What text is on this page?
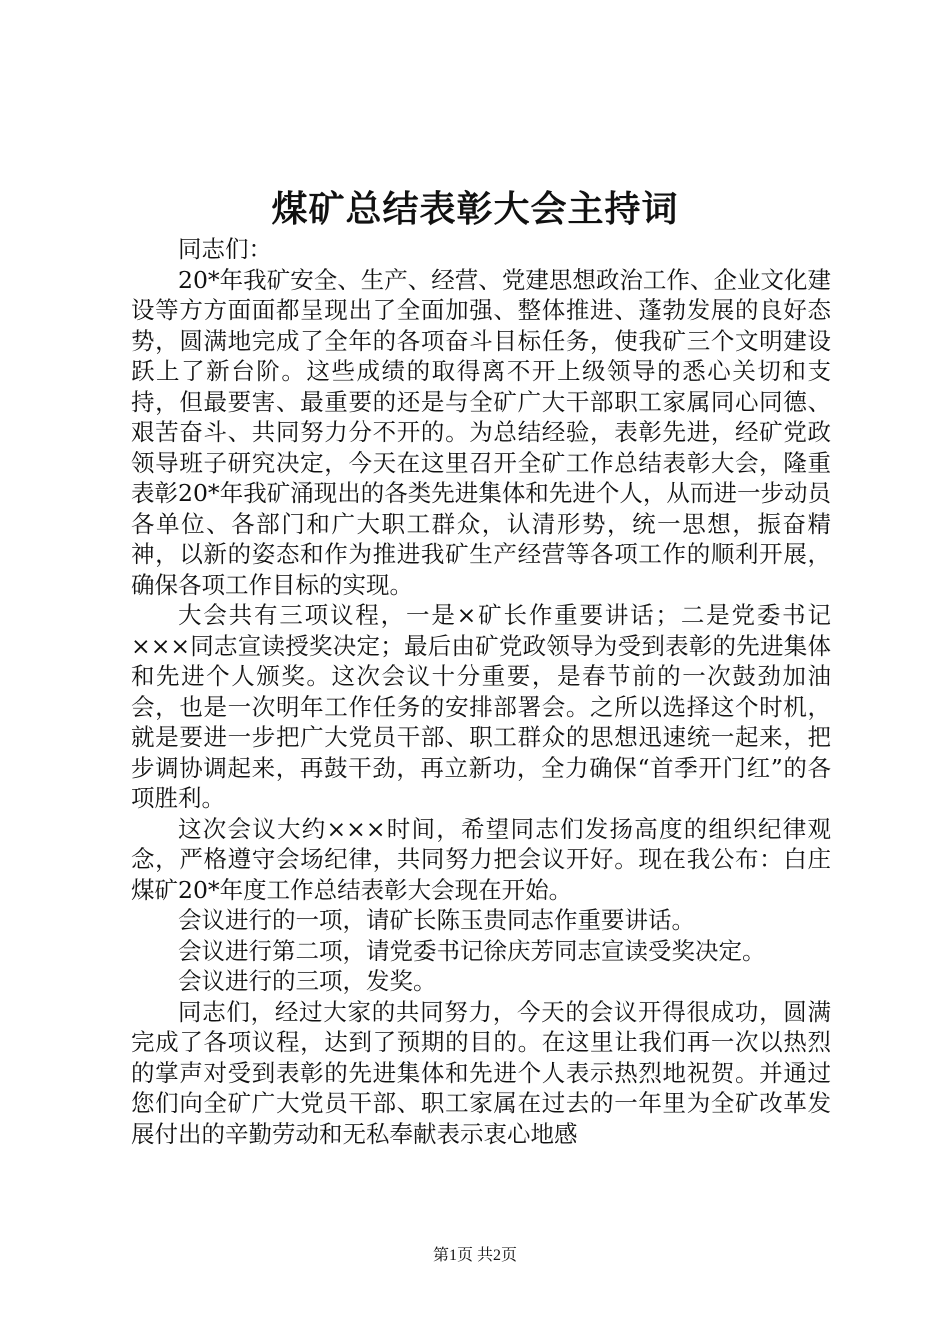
煤矿总结表彰大会主持词

同志们：

20*年我矿安全、生产、经营、党建思想政治工作、企业文化建设等方方面面都呈现出了全面加强、整体推进、蓬勃发展的良好态势，圆满地完成了全年的各项奋斗目标任务，使我矿三个文明建设跃上了新台阶。这些成绩的取得离不开上级领导的悉心关切和支持，但最要害、最重要的还是与全矿广大干部职工家属同心同德、艰苦奋斗、共同努力分不开的。为总结经验，表彰先进，经矿党政领导班子研究决定，今天在这里召开全矿工作总结表彰大会，隆重表彰20*年我矿涌现出的各类先进集体和先进个人，从而进一步动员各单位、各部门和广大职工群众，认清形势，统一思想，振奋精神，以新的姿态和作为推进我矿生产经营等各项工作的顺利开展，确保各项工作目标的实现。

大会共有三项议程，一是×矿长作重要讲话；二是党委书记×××同志宣读授奖决定；最后由矿党政领导为受到表彰的先进集体和先进个人颁奖。这次会议十分重要，是春节前的一次鼓劲加油会，也是一次明年工作任务的安排部署会。之所以选择这个时机，就是要进一步把广大党员干部、职工群众的思想迅速统一起来，把步调协调起来，再鼓干劲，再立新功，全力确保“首季开门红”的各项胜利。

这次会议大约×××时间，希望同志们发扬高度的组织纪律观念，严格遵守会场纪律，共同努力把会议开好。现在我公布：白庄煤矿20*年度工作总结表彰大会现在开始。

会议进行的一项，请矿长陈玉贵同志作重要讲话。

会议进行第二项，请党委书记徐庆芳同志宣读受奖决定。

会议进行的三项，发奖。

同志们，经过大家的共同努力，今天的会议开得很成功，圆满完成了各项议程，达到了预期的目的。在这里让我们再一次以热烈的掌声对受到表彰的先进集体和先进个人表示热烈地祝贺。并通过您们向全矿广大党员干部、职工家属在过去的一年里为全矿改革发展付出的辛勤劳动和无私奉献表示衷心地感

第1页 共2页
